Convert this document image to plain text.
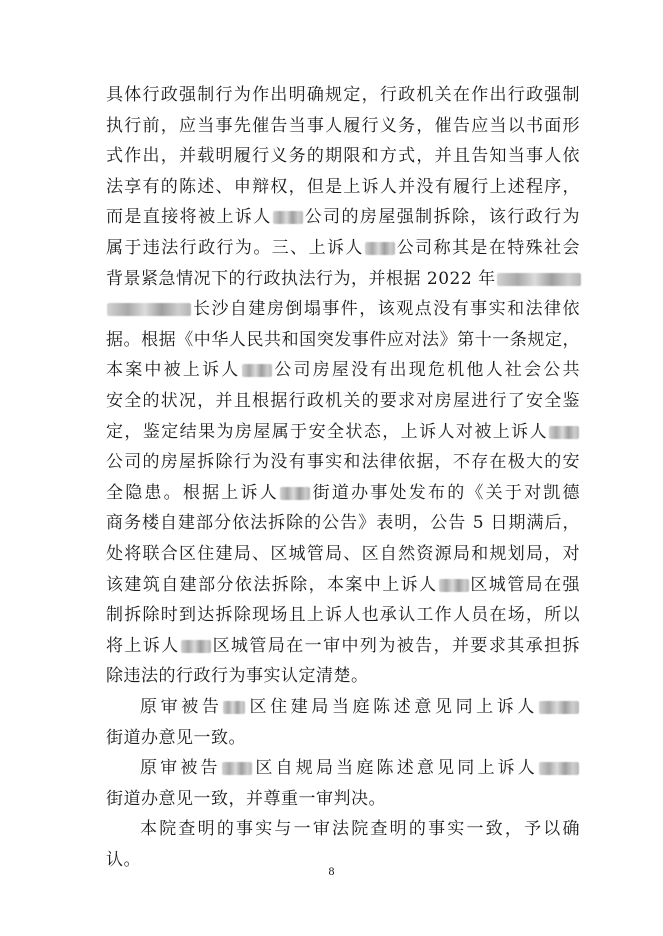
具体行政强制行为作出明确规定，行政机关在作出行政强制
执行前，应当事先催告当事人履行义务，催告应当以书面形
式作出，并载明履行义务的期限和方式，并且告知当事人依
法享有的陈述、申辩权，但是上诉人并没有履行上述程序，
而是直接将被上诉人 公司的房屋强制拆除，该行政行为
属于违法行政行为。三、上诉人 公司称其是在特殊社会
背景紧急情况下的行政执法行为，并根据 2022 年
长沙自建房倒塌事件，该观点没有事实和法律依
据。根据《中华人民共和国突发事件应对法》第十一条规定，
本案中被上诉人 公司房屋没有出现危机他人社会公共
安全的状况，并且根据行政机关的要求对房屋进行了安全鉴
定，鉴定结果为房屋属于安全状态，上诉人对被上诉人
公司的房屋拆除行为没有事实和法律依据，不存在极大的安
全隐患。根据上诉人 街道办事处发布的《关于对凯德
商务楼自建部分依法拆除的公告》表明，公告 5 日期满后，
处将联合区住建局、区城管局、区自然资源局和规划局，对
该建筑自建部分依法拆除，本案中上诉人 区城管局在强
制拆除时到达拆除现场且上诉人也承认工作人员在场，所以
将上诉人 区城管局在一审中列为被告，并要求其承担拆
除违法的行政行为事实认定清楚。
原审被告 区住建局当庭陈述意见同上诉人
街道办意见一致。
原审被告 区自规局当庭陈述意见同上诉人
街道办意见一致，并尊重一审判决。
本院查明的事实与一审法院查明的事实一致，予以确
认。
8
